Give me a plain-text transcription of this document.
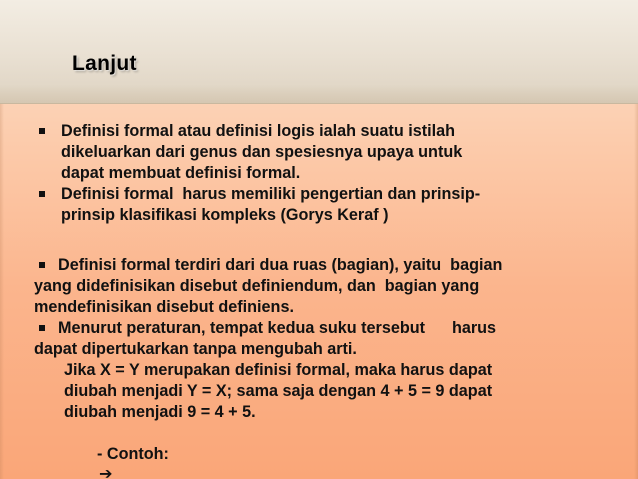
Lanjut
Definisi formal atau definisi logis ialah suatu istilah
dikeluarkan dari genus dan spesiesnya upaya untuk
dapat membuat definisi formal.
Definisi formal  harus memiliki pengertian dan prinsip-
prinsip klasifikasi kompleks (Gorys Keraf )
Definisi formal terdiri dari dua ruas (bagian), yaitu  bagian
yang didefinisikan disebut definiendum, dan  bagian yang
mendefinisikan disebut definiens.
Menurut peraturan, tempat kedua suku tersebut      harus
dapat dipertukarkan tanpa mengubah arti.
Jika X = Y merupakan definisi formal, maka harus dapat
diubah menjadi Y = X; sama saja dengan 4 + 5 = 9 dapat
diubah menjadi 9 = 4 + 5.

- Contoh:
➔
